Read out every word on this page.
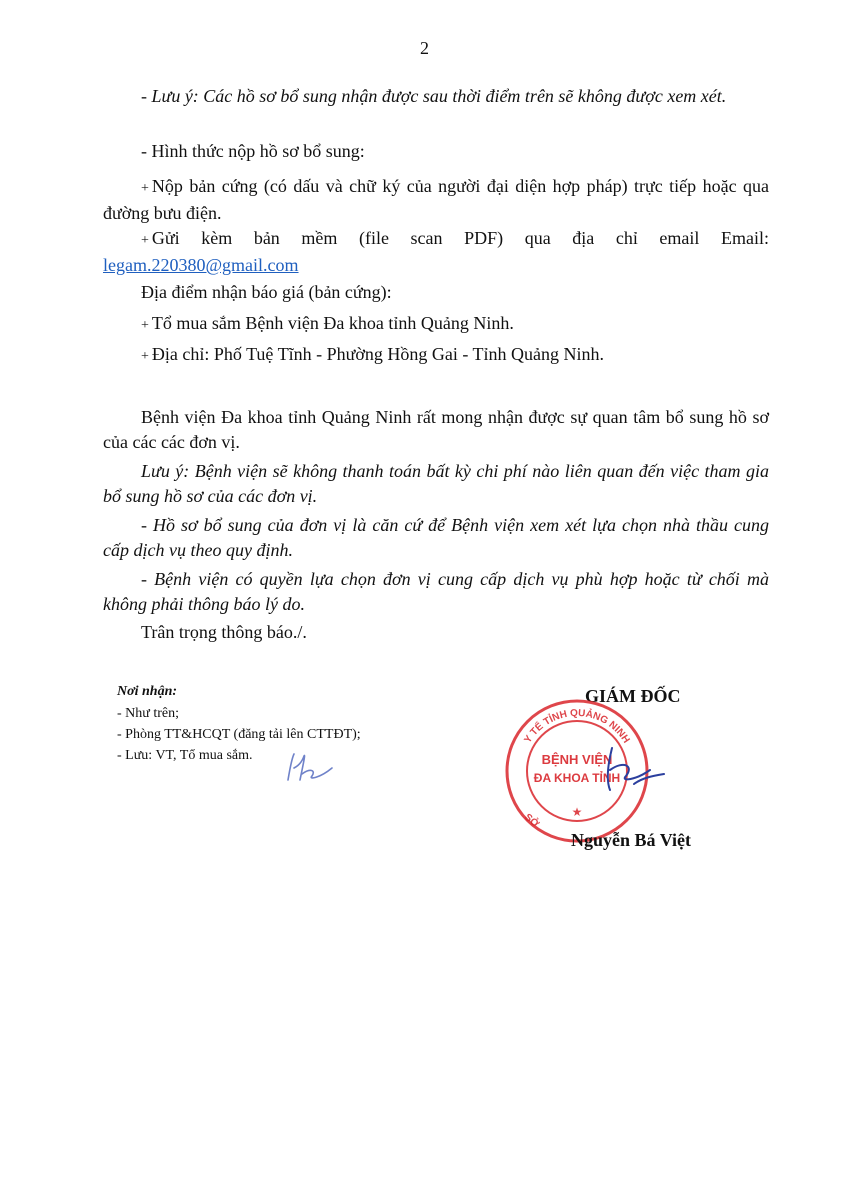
2
- Lưu ý: Các hồ sơ bổ sung nhận được sau thời điểm trên sẽ không được xem xét.
- Hình thức nộp hồ sơ bổ sung:
+ Nộp bản cứng (có dấu và chữ ký của người đại diện hợp pháp) trực tiếp hoặc qua đường bưu điện.
+ Gửi kèm bản mềm (file scan PDF) qua địa chỉ email Email: legam.220380@gmail.com
Địa điểm nhận báo giá (bản cứng):
+ Tổ mua sắm Bệnh viện Đa khoa tỉnh Quảng Ninh.
+ Địa chỉ: Phố Tuệ Tĩnh - Phường Hồng Gai - Tỉnh Quảng Ninh.
Bệnh viện Đa khoa tỉnh Quảng Ninh rất mong nhận được sự quan tâm bổ sung hồ sơ của các các đơn vị.
Lưu ý: Bệnh viện sẽ không thanh toán bất kỳ chi phí nào liên quan đến việc tham gia bổ sung hồ sơ của các đơn vị.
- Hồ sơ bổ sung của đơn vị là căn cứ để Bệnh viện xem xét lựa chọn nhà thầu cung cấp dịch vụ theo quy định.
- Bệnh viện có quyền lựa chọn đơn vị cung cấp dịch vụ phù hợp hoặc từ chối mà không phải thông báo lý do.
Trân trọng thông báo./.
Nơi nhận:
- Như trên;
- Phòng TT&HCQT (đăng tải lên CTTĐT);
- Lưu: VT, Tổ mua sắm.
GIÁM ĐỐC
Y TẾ TỈNH QUẢNG NINH
BỆNH VIỆN
ĐA KHOA TỈNH
SỞ	★
Nguyễn Bá Việt
